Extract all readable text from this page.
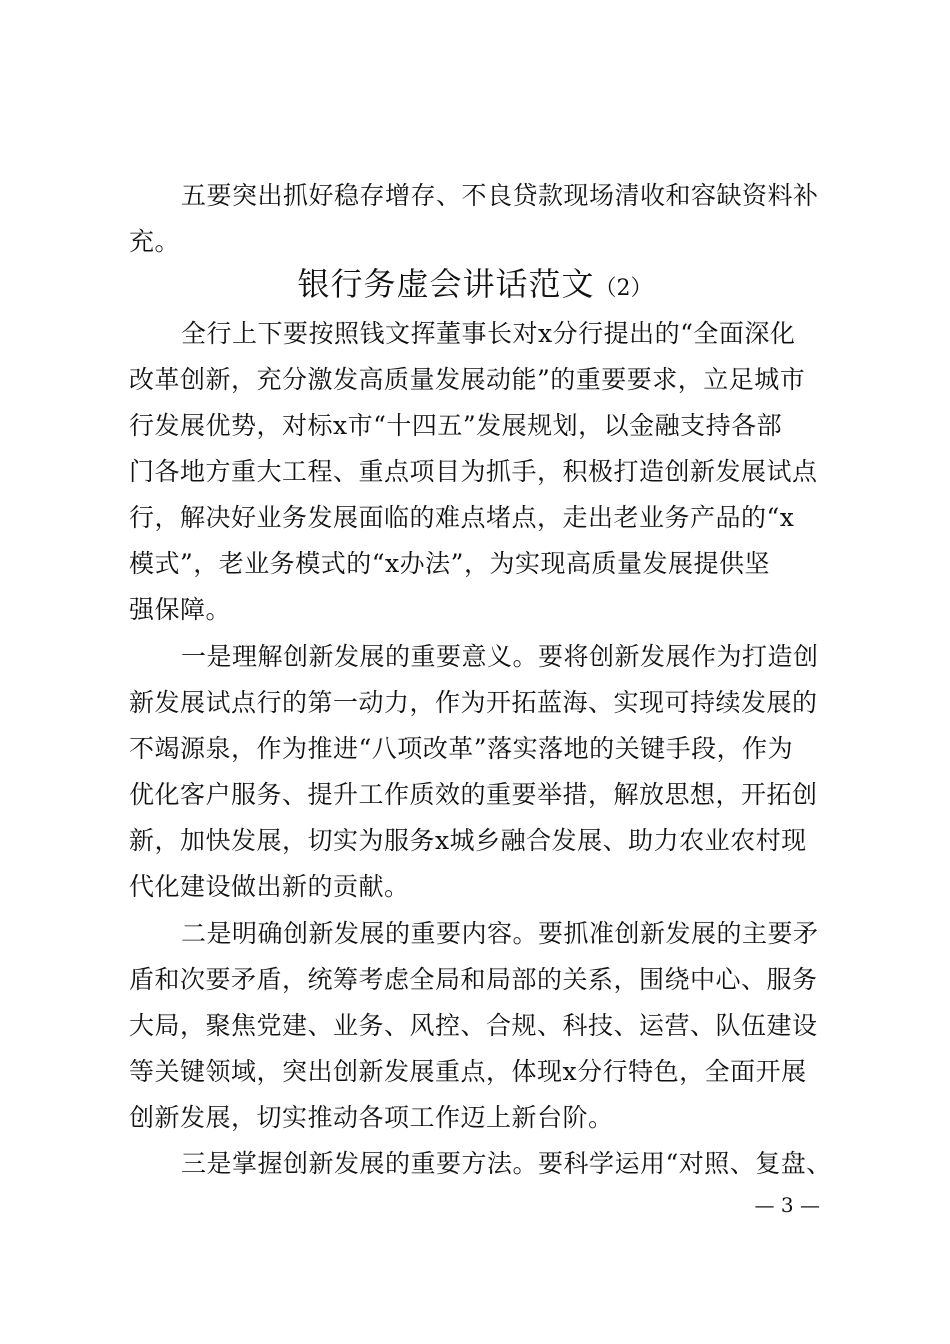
五要突出抓好稳存增存、不良贷款现场清收和容缺资料补
充。
银行务虚会讲话范文（2）
全行上下要按照钱文挥董事长对x分行提出的“全面深化
改革创新，充分激发高质量发展动能”的重要要求，立足城市
行发展优势，对标x市“十四五”发展规划，以金融支持各部
门各地方重大工程、重点项目为抓手，积极打造创新发展试点
行，解决好业务发展面临的难点堵点，走出老业务产品的“x
模式”，老业务模式的“x办法”，为实现高质量发展提供坚
强保障。
一是理解创新发展的重要意义。要将创新发展作为打造创
新发展试点行的第一动力，作为开拓蓝海、实现可持续发展的
不竭源泉，作为推进“八项改革”落实落地的关键手段，作为
优化客户服务、提升工作质效的重要举措，解放思想，开拓创
新，加快发展，切实为服务x城乡融合发展、助力农业农村现
代化建设做出新的贡献。
二是明确创新发展的重要内容。要抓准创新发展的主要矛
盾和次要矛盾，统筹考虑全局和局部的关系，围绕中心、服务
大局，聚焦党建、业务、风控、合规、科技、运营、队伍建设
等关键领域，突出创新发展重点，体现x分行特色，全面开展
创新发展，切实推动各项工作迈上新台阶。
三是掌握创新发展的重要方法。要科学运用“对照、复盘、
— 3 —
